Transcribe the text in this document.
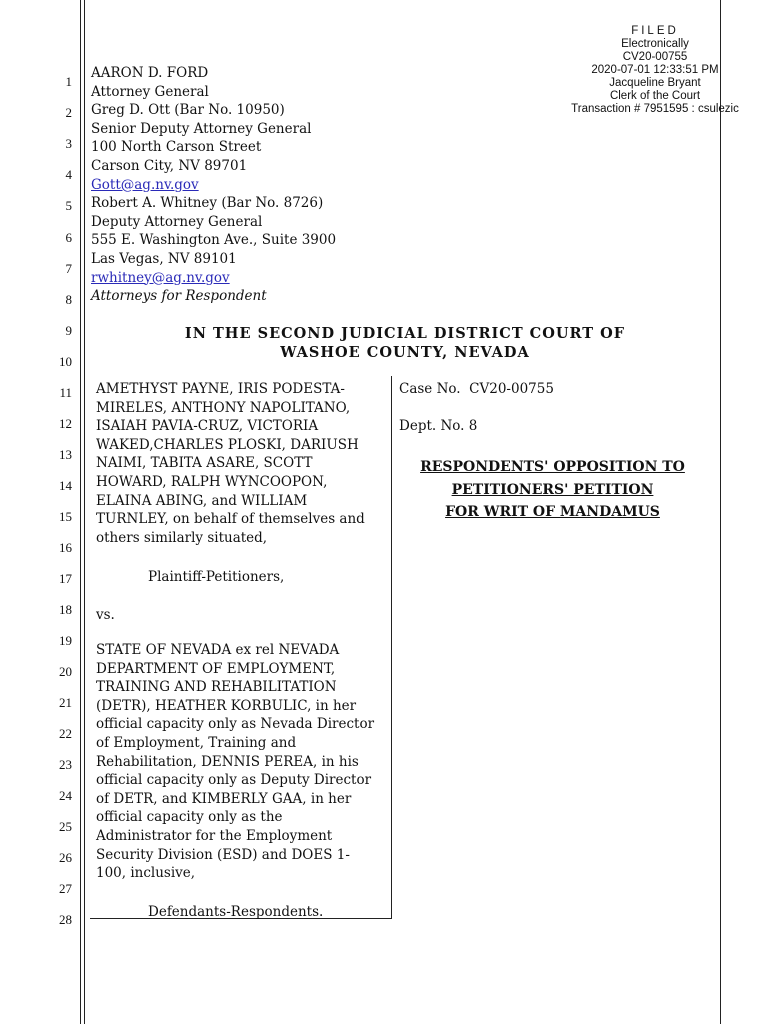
1
2
3
4
5
6
7
8
9
10
11
12
13
14
15
16
17
18
19
20
21
22
23
24
25
26
27
28
FILED
Electronically
CV20-00755
2020-07-01 12:33:51 PM
Jacqueline Bryant
Clerk of the Court
Transaction # 7951595 : csulezic
AARON D. FORD
Attorney General
Greg D. Ott (Bar No. 10950)
Senior Deputy Attorney General
100 North Carson Street
Carson City, NV 89701
Gott@ag.nv.gov
Robert A. Whitney (Bar No. 8726)
Deputy Attorney General
555 E. Washington Ave., Suite 3900
Las Vegas, NV 89101
rwhitney@ag.nv.gov
Attorneys for Respondent
IN THE SECOND JUDICIAL DISTRICT COURT OF
WASHOE COUNTY, NEVADA
AMETHYST PAYNE, IRIS PODESTA-
MIRELES, ANTHONY NAPOLITANO,
ISAIAH PAVIA-CRUZ, VICTORIA
WAKED,CHARLES PLOSKI, DARIUSH
NAIMI, TABITA ASARE, SCOTT
HOWARD, RALPH WYNCOOPON,
ELAINA ABING, and WILLIAM
TURNLEY, on behalf of themselves and
others similarly situated,
Plaintiff-Petitioners,
vs.
STATE OF NEVADA ex rel NEVADA
DEPARTMENT OF EMPLOYMENT,
TRAINING AND REHABILITATION
(DETR), HEATHER KORBULIC, in her
official capacity only as Nevada Director
of Employment, Training and
Rehabilitation, DENNIS PEREA, in his
official capacity only as Deputy Director
of DETR, and KIMBERLY GAA, in her
official capacity only as the
Administrator for the Employment
Security Division (ESD) and DOES 1-
100, inclusive,
Defendants-Respondents.
Case No.  CV20-00755
Dept. No. 8
RESPONDENTS' OPPOSITION TO
PETITIONERS' PETITION
FOR WRIT OF MANDAMUS
